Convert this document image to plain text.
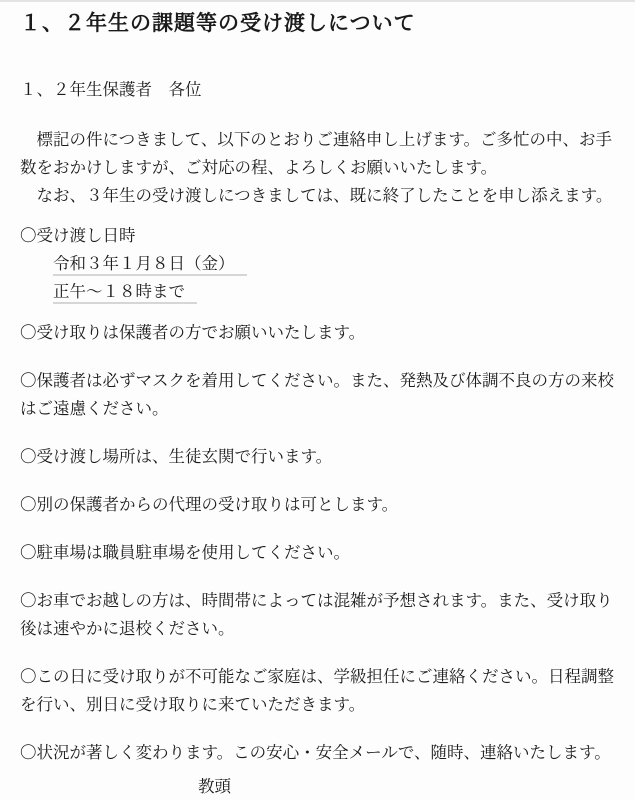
１、２年生の課題等の受け渡しについて

１、２年生保護者　各位

　標記の件につきまして、以下のとおりご連絡申し上げます。ご多忙の中、お手数をおかけしますが、ご対応の程、よろしくお願いいたします。

　なお、３年生の受け渡しにつきましては、既に終了したことを申し添えます。

〇受け渡し日時

令和３年１月８日（金）

正午〜１８時まで

〇受け取りは保護者の方でお願いいたします。

〇保護者は必ずマスクを着用してください。また、発熱及び体調不良の方の来校はご遠慮ください。

〇受け渡し場所は、生徒玄関で行います。

〇別の保護者からの代理の受け取りは可とします。

〇駐車場は職員駐車場を使用してください。

〇お車でお越しの方は、時間帯によっては混雑が予想されます。また、受け取り後は速やかに退校ください。

〇この日に受け取りが不可能なご家庭は、学級担任にご連絡ください。日程調整を行い、別日に受け取りに来ていただきます。

〇状況が著しく変わります。この安心・安全メールで、随時、連絡いたします。

教頭
